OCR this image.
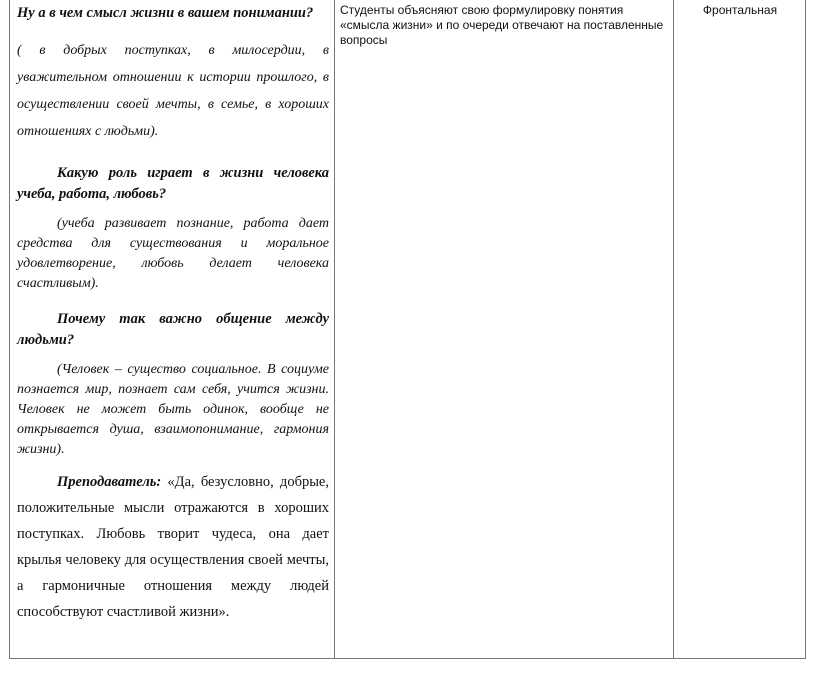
Ну а в чем смысл жизни в вашем понимании?

( в добрых поступках, в милосердии, в уважительном отношении к истории прошлого, в осуществлении своей мечты, в семье, в хороших отношениях с людьми).

Какую роль играет в жизни человека учеба, работа, любовь?

(учеба развивает познание, работа дает средства для существования и моральное удовлетворение, любовь делает человека счастливым).

Почему так важно общение между людьми?

(Человек – существо социальное. В социуме познается мир, познает сам себя, учится жизни. Человек не может быть одинок, вообще не открывается душа, взаимопонимание, гармония жизни).

Преподаватель: «Да, безусловно, добрые, положительные мысли отражаются в хороших поступках. Любовь творит чудеса, она дает крылья человеку для осуществления своей мечты, а гармоничные отношения между людей способствуют счастливой жизни».

Студенты объясняют свою формулировку понятия «смысла жизни» и по очереди отвечают на поставленные вопросы
Фронтальная
